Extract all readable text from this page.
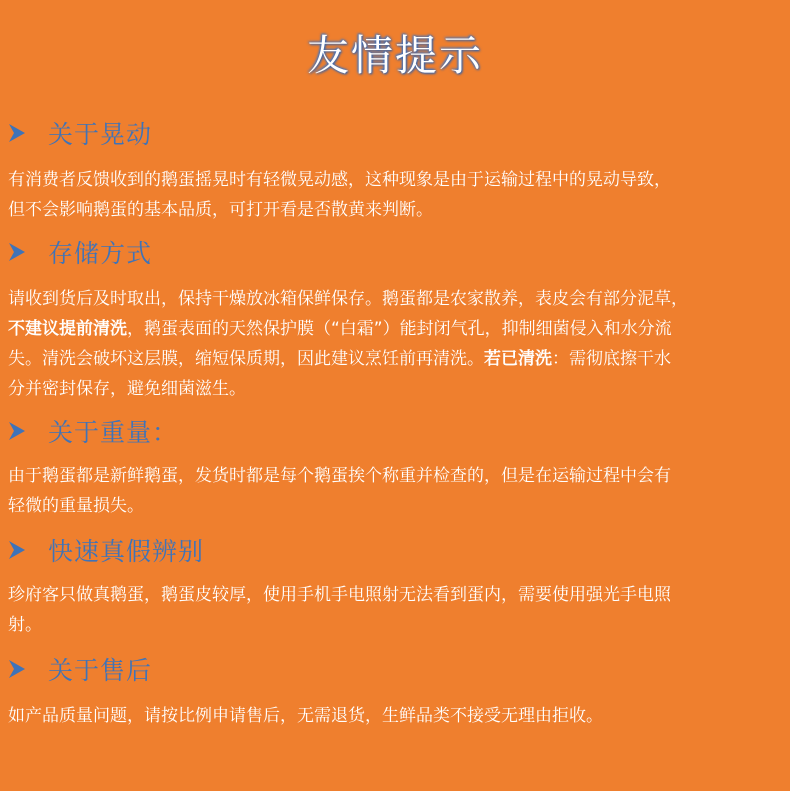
友情提示
关于晃动
有消费者反馈收到的鹅蛋摇晃时有轻微晃动感，这种现象是由于运输过程中的晃动导致，
但不会影响鹅蛋的基本品质，可打开看是否散黄来判断。
存储方式
请收到货后及时取出，保持干燥放冰箱保鲜保存。鹅蛋都是农家散养，表皮会有部分泥草，
不建议提前清洗，鹅蛋表面的天然保护膜（“白霜”）能封闭气孔，抑制细菌侵入和水分流
失。清洗会破坏这层膜，缩短保质期，因此建议烹饪前再清洗。若已清洗：需彻底擦干水
分并密封保存，避免细菌滋生。
关于重量：
由于鹅蛋都是新鲜鹅蛋，发货时都是每个鹅蛋挨个称重并检查的，但是在运输过程中会有
轻微的重量损失。
快速真假辨别
珍府客只做真鹅蛋，鹅蛋皮较厚，使用手机手电照射无法看到蛋内，需要使用强光手电照
射。
关于售后
如产品质量问题，请按比例申请售后，无需退货，生鲜品类不接受无理由拒收。
